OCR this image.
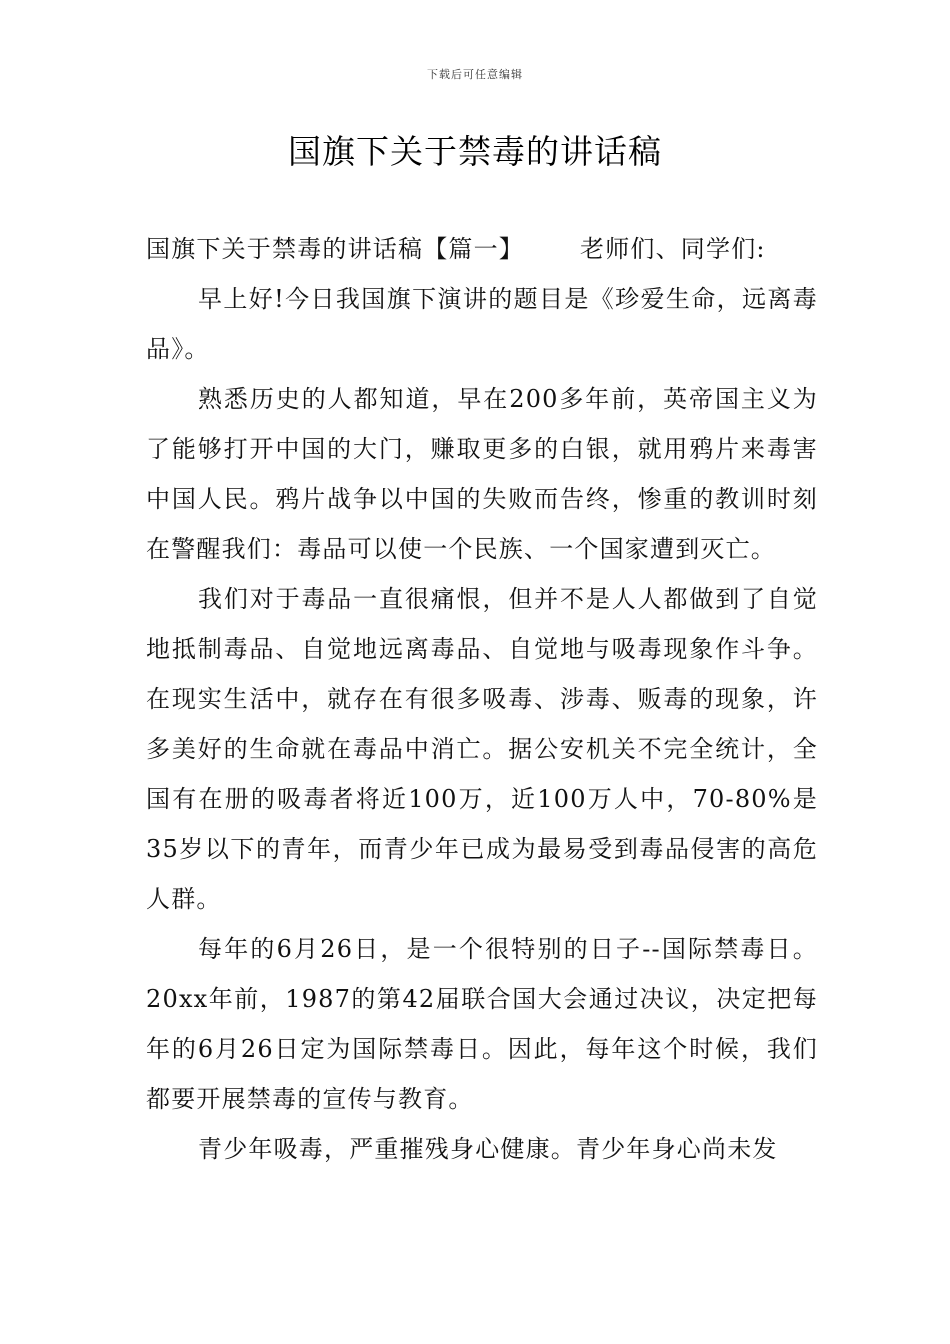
下载后可任意编辑
国旗下关于禁毒的讲话稿

国旗下关于禁毒的讲话稿【篇一】 老师们、同学们:

早上好!今日我国旗下演讲的题目是《珍爱生命，远离毒品》。

熟悉历史的人都知道，早在200多年前，英帝国主义为了能够打开中国的大门，赚取更多的白银，就用鸦片来毒害中国人民。鸦片战争以中国的失败而告终，惨重的教训时刻在警醒我们：毒品可以使一个民族、一个国家遭到灭亡。

我们对于毒品一直很痛恨，但并不是人人都做到了自觉地抵制毒品、自觉地远离毒品、自觉地与吸毒现象作斗争。在现实生活中，就存在有很多吸毒、涉毒、贩毒的现象，许多美好的生命就在毒品中消亡。据公安机关不完全统计，全国有在册的吸毒者将近100万，近100万人中，70-80%是35岁以下的青年，而青少年已成为最易受到毒品侵害的高危人群。

每年的6月26日，是一个很特别的日子--国际禁毒日。20xx年前，1987的第42届联合国大会通过决议，决定把每年的6月26日定为国际禁毒日。因此，每年这个时候，我们都要开展禁毒的宣传与教育。

青少年吸毒，严重摧残身心健康。青少年身心尚未发
